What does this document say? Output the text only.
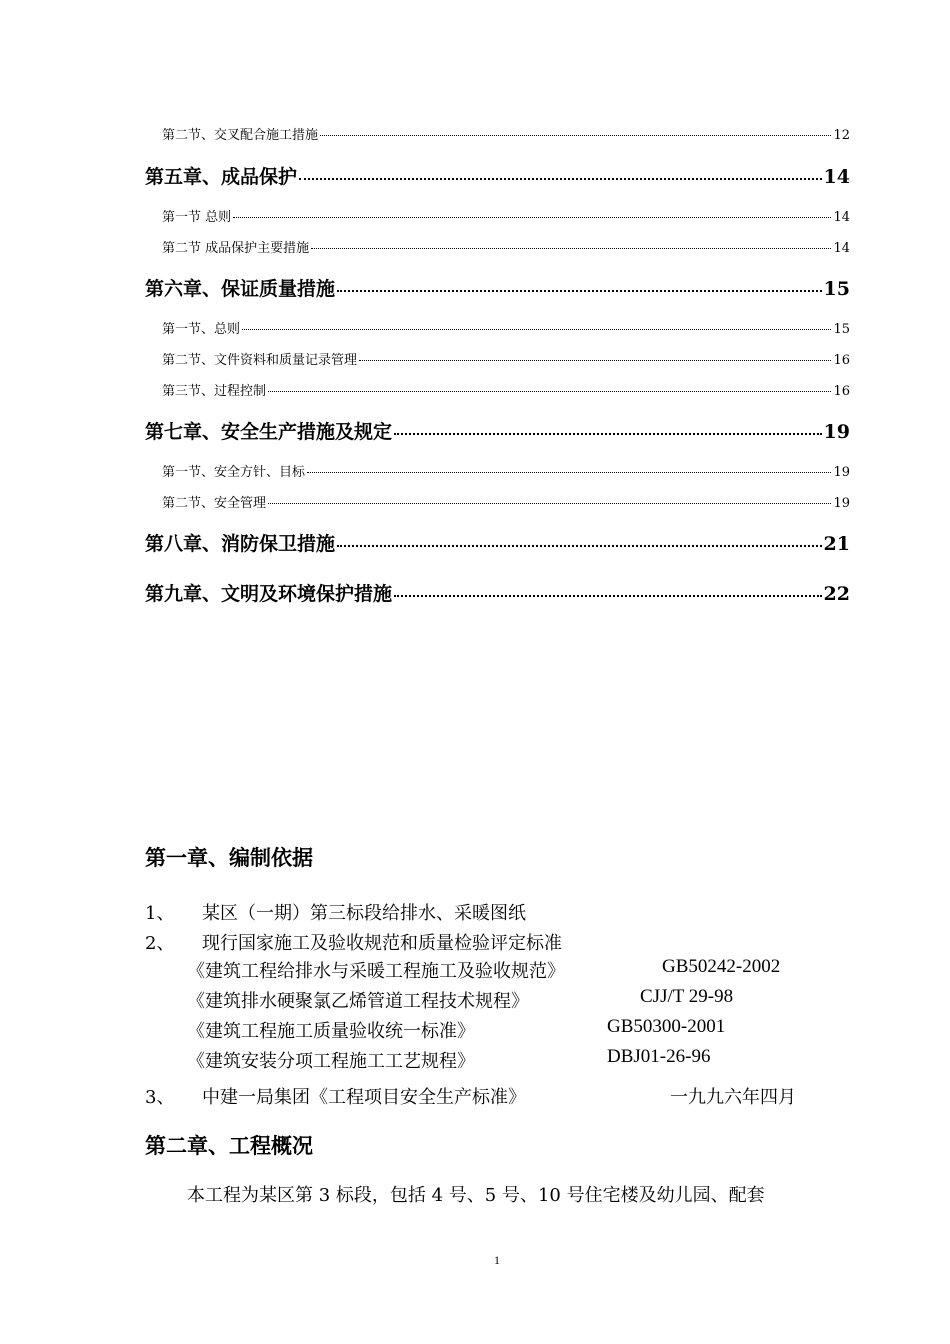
第二节、交叉配合施工措施	12
第五章、成品保护	14
第一节 总则	14
第二节 成品保护主要措施	14
第六章、保证质量措施	15
第一节、总则	15
第二节、文件资料和质量记录管理	16
第三节、过程控制	16
第七章、安全生产措施及规定	19
第一节、安全方针、目标	19
第二节、安全管理	19
第八章、消防保卫措施	21
第九章、文明及环境保护措施	22
第一章、编制依据
1、 某区（一期）第三标段给排水、采暖图纸
2、 现行国家施工及验收规范和质量检验评定标准
《建筑工程给排水与采暖工程施工及验收规范》	GB50242-2002
《建筑排水硬聚氯乙烯管道工程技术规程》	CJJ/T 29-98
《建筑工程施工质量验收统一标准》	GB50300-2001
《建筑安装分项工程施工工艺规程》	DBJ01-26-96
3、 中建一局集团《工程项目安全生产标准》	一九九六年四月
第二章、工程概况
本工程为某区第 3 标段，包括 4 号、5 号、10 号住宅楼及幼儿园、配套
1
